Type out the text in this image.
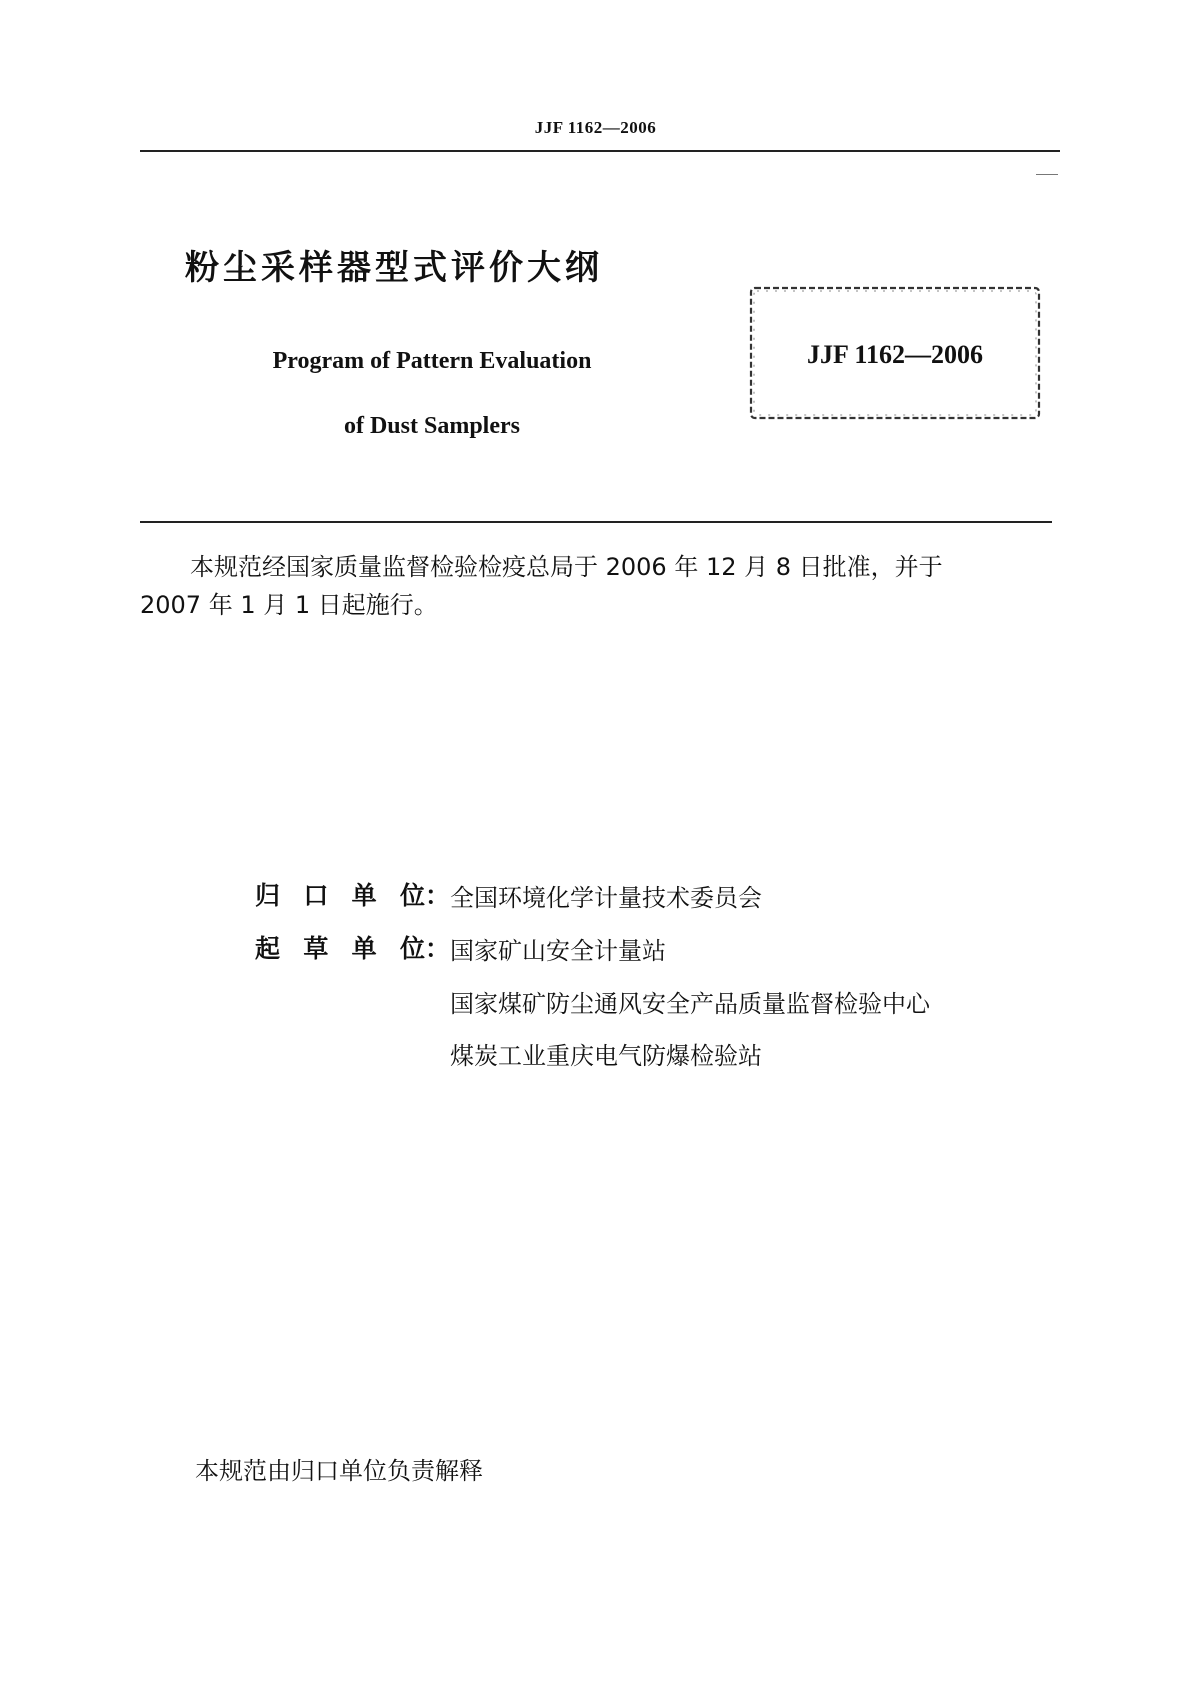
JJF 1162—2006
粉尘采样器型式评价大纲
Program of Pattern Evaluation
of Dust Samplers
JJF 1162—2006
本规范经国家质量监督检验检疫总局于 2006 年 12 月 8 日批准，并于
2007 年 1 月 1 日起施行。
归口单位： 全国环境化学计量技术委员会
起草单位： 国家矿山安全计量站
国家煤矿防尘通风安全产品质量监督检验中心
煤炭工业重庆电气防爆检验站
本规范由归口单位负责解释
